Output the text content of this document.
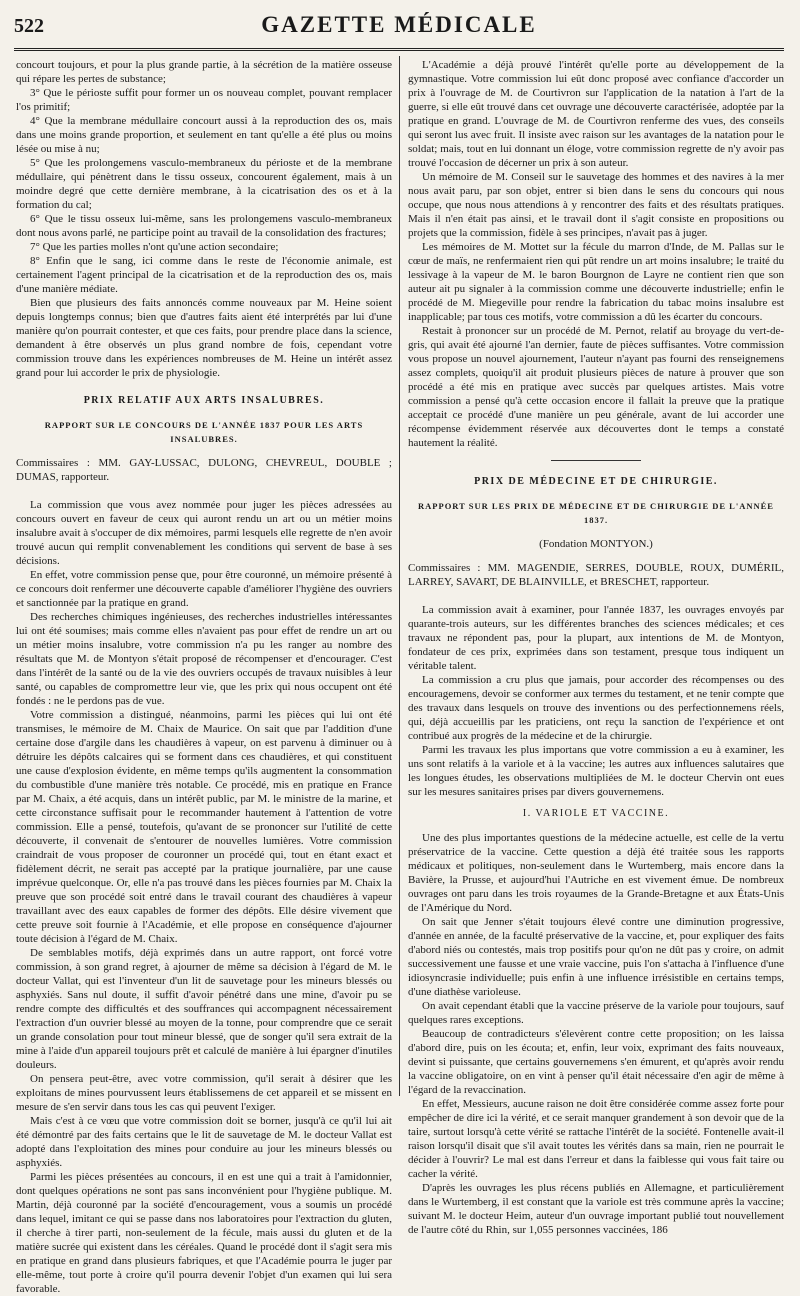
522	GAZETTE MÉDICALE

concourt toujours, et pour la plus grande partie, à la sécrétion de la matière osseuse qui répare les pertes de substance;

3° Que le périoste suffit pour former un os nouveau complet, pouvant remplacer l'os primitif;

4° Que la membrane médullaire concourt aussi à la reproduction des os, mais dans une moins grande proportion, et seulement en tant qu'elle a été plus ou moins lésée ou mise à nu;

5° Que les prolongemens vasculo-membraneux du périoste et de la membrane médullaire, qui pénètrent dans le tissu osseux, concourent également, mais à un moindre degré que cette dernière membrane, à la cicatrisation des os et à la formation du cal;

6° Que le tissu osseux lui-même, sans les prolongemens vasculo-membraneux dont nous avons parlé, ne participe point au travail de la consolidation des fractures;

7° Que les parties molles n'ont qu'une action secondaire;

8° Enfin que le sang, ici comme dans le reste de l'économie animale, est certainement l'agent principal de la cicatrisation et de la reproduction des os, mais d'une manière médiate.

Bien que plusieurs des faits annoncés comme nouveaux par M. Heine soient depuis longtemps connus; bien que d'autres faits aient été interprétés par lui d'une manière qu'on pourrait contester, et que ces faits, pour prendre place dans la science, demandent à être observés un plus grand nombre de fois, cependant votre commission trouve dans les expériences nombreuses de M. Heine un intérêt assez grand pour lui accorder le prix de physiologie.

PRIX RELATIF AUX ARTS INSALUBRES.
RAPPORT SUR LE CONCOURS DE L'ANNÉE 1837 POUR LES ARTS INSALUBRES.

Commissaires : MM. GAY-LUSSAC, DULONG, CHEVREUL, DOUBLE ; DUMAS, rapporteur.

La commission que vous avez nommée pour juger les pièces adressées au concours ouvert en faveur de ceux qui auront rendu un art ou un métier moins insalubre avait à s'occuper de dix mémoires, parmi lesquels elle regrette de n'en avoir trouvé aucun qui remplit convenablement les conditions qui servent de base à ses décisions.

En effet, votre commission pense que, pour être couronné, un mémoire présenté à ce concours doit renfermer une découverte capable d'améliorer l'hygiène des ouvriers et sanctionnée par la pratique en grand.

Des recherches chimiques ingénieuses, des recherches industrielles intéressantes lui ont été soumises; mais comme elles n'avaient pas pour effet de rendre un art ou un métier moins insalubre, votre commission n'a pu les ranger au nombre des résultats que M. de Montyon s'était proposé de récompenser et d'encourager. C'est dans l'intérêt de la santé ou de la vie des ouvriers occupés de travaux nuisibles à leur santé, ou capables de compromettre leur vie, que les prix qui nous occupent ont été fondés : ne le perdons pas de vue.

Votre commission a distingué, néanmoins, parmi les pièces qui lui ont été transmises, le mémoire de M. Chaix de Maurice. On sait que par l'addition d'une certaine dose d'argile dans les chaudières à vapeur, on est parvenu à diminuer ou à détruire les dépôts calcaires qui se forment dans ces chaudières, et qui constituent une cause d'explosion évidente, en même temps qu'ils augmentent la consommation du combustible d'une manière très notable. Ce procédé, mis en pratique en France par M. Chaix, a été acquis, dans un intérêt public, par M. le ministre de la marine, et cette circonstance suffisait pour le recommander hautement à l'attention de votre commission. Elle a pensé, toutefois, qu'avant de se prononcer sur l'utilité de cette découverte, il convenait de s'entourer de nouvelles lumières. Votre commission craindrait de vous proposer de couronner un procédé qui, tout en étant exact et fidèlement décrit, ne serait pas accepté par la pratique journalière, par une cause imprévue quelconque. Or, elle n'a pas trouvé dans les pièces fournies par M. Chaix la preuve que son procédé soit entré dans le travail courant des chaudières à vapeur travaillant avec des eaux capables de former des dépôts. Elle désire vivement que cette preuve soit fournie à l'Académie, et elle propose en conséquence d'ajourner toute décision à l'égard de M. Chaix.

De semblables motifs, déjà exprimés dans un autre rapport, ont forcé votre commission, à son grand regret, à ajourner de même sa décision à l'égard de M. le docteur Vallat, qui est l'inventeur d'un lit de sauvetage pour les mineurs blessés ou asphyxiés. Sans nul doute, il suffit d'avoir pénétré dans une mine, d'avoir pu se rendre compte des difficultés et des souffrances qui accompagnent nécessairement l'extraction d'un ouvrier blessé au moyen de la tonne, pour comprendre que ce serait un grande consolation pour tout mineur blessé, que de songer qu'il sera extrait de la mine à l'aide d'un appareil toujours prêt et calculé de manière à lui épargner d'inutiles douleurs.

On pensera peut-être, avec votre commission, qu'il serait à désirer que les exploitans de mines pourvussent leurs établissemens de cet appareil et se missent en mesure de s'en servir dans tous les cas qui peuvent l'exiger.

Mais c'est à ce vœu que votre commission doit se borner, jusqu'à ce qu'il lui ait été démontré par des faits certains que le lit de sauvetage de M. le docteur Vallat est adopté dans l'exploitation des mines pour conduire au jour les mineurs blessés ou asphyxiés.

Parmi les pièces présentées au concours, il en est une qui a trait à l'amidonnier, dont quelques opérations ne sont pas sans inconvénient pour l'hygiène publique. M. Martin, déjà couronné par la société d'encouragement, vous a soumis un procédé dans lequel, imitant ce qui se passe dans nos laboratoires pour l'extraction du gluten, il cherche à tirer parti, non-seulement de la fécule, mais aussi du gluten et de la matière sucrée qui existent dans les céréales. Quand le procédé dont il s'agit sera mis en pratique en grand dans plusieurs fabriques, et que l'Académie pourra le juger par elle-même, tout porte à croire qu'il pourra devenir l'objet d'un examen qui lui sera favorable.

L'Académie a déjà prouvé l'intérêt qu'elle porte au développement de la gymnastique. Votre commission lui eût donc proposé avec confiance d'accorder un prix à l'ouvrage de M. de Courtivron sur l'application de la natation à l'art de la guerre, si elle eût trouvé dans cet ouvrage une découverte caractérisée, adoptée par la pratique en grand. L'ouvrage de M. de Courtivron renferme des vues, des conseils qui seront lus avec fruit. Il insiste avec raison sur les avantages de la natation pour le soldat; mais, tout en lui donnant un éloge, votre commission regrette de n'y avoir pas trouvé l'occasion de décerner un prix à son auteur.

Un mémoire de M. Conseil sur le sauvetage des hommes et des navires à la mer nous avait paru, par son objet, entrer si bien dans le sens du concours qui nous occupe, que nous nous attendions à y rencontrer des faits et des résultats pratiques. Mais il n'en était pas ainsi, et le travail dont il s'agit consiste en propositions ou projets que la commission, fidèle à ses principes, n'avait pas à juger.

Les mémoires de M. Mottet sur la fécule du marron d'Inde, de M. Pallas sur le cœur de maïs, ne renfermaient rien qui pût rendre un art moins insalubre; le traité du lessivage à la vapeur de M. le baron Bourgnon de Layre ne contient rien que son auteur ait pu signaler à la commission comme une découverte industrielle; enfin le procédé de M. Miegeville pour rendre la fabrication du tabac moins insalubre est inapplicable; par tous ces motifs, votre commission a dû les écarter du concours.

Restait à prononcer sur un procédé de M. Pernot, relatif au broyage du vert-de-gris, qui avait été ajourné l'an dernier, faute de pièces suffisantes. Votre commission vous propose un nouvel ajournement, l'auteur n'ayant pas fourni des renseignemens assez complets, quoiqu'il ait produit plusieurs pièces de nature à prouver que son procédé a été mis en pratique avec succès par quelques artistes. Mais votre commission a pensé qu'à cette occasion encore il fallait la preuve que la pratique acceptait ce procédé d'une manière un peu générale, avant de lui accorder une récompense évidemment réservée aux découvertes dont le temps a constaté hautement la réalité.

PRIX DE MÉDECINE ET DE CHIRURGIE.
RAPPORT SUR LES PRIX DE MÉDECINE ET DE CHIRURGIE DE L'ANNÉE 1837.
(Fondation MONTYON.)

Commissaires : MM. MAGENDIE, SERRES, DOUBLE, ROUX, DUMÉRIL, LARREY, SAVART, DE BLAINVILLE, et BRESCHET, rapporteur.

La commission avait à examiner, pour l'année 1837, les ouvrages envoyés par quarante-trois auteurs, sur les différentes branches des sciences médicales; et ces travaux ne répondent pas, pour la plupart, aux intentions de M. de Montyon, fondateur de ces prix, exprimées dans son testament, presque tous indiquent un véritable talent.

La commission a cru plus que jamais, pour accorder des récompenses ou des encouragemens, devoir se conformer aux termes du testament, et ne tenir compte que des travaux dans lesquels on trouve des inventions ou des perfectionnemens réels, qui, déjà accueillis par les praticiens, ont reçu la sanction de l'expérience et ont contribué aux progrès de la médecine et de la chirurgie.

Parmi les travaux les plus importans que votre commission a eu à examiner, les uns sont relatifs à la variole et à la vaccine; les autres aux influences salutaires que les longues études, les observations multipliées de M. le docteur Chervin ont eues sur les mesures sanitaires prises par divers gouvernemens.

I. VARIOLE ET VACCINE.

Une des plus importantes questions de la médecine actuelle, est celle de la vertu préservatrice de la vaccine. Cette question a déjà été traitée sous les rapports médicaux et politiques, non-seulement dans le Wurtemberg, mais encore dans la Bavière, la Prusse, et aujourd'hui l'Autriche en est vivement émue. De nombreux ouvrages ont paru dans les trois royaumes de la Grande-Bretagne et aux États-Unis de l'Amérique du Nord.

On sait que Jenner s'était toujours élevé contre une diminution progressive, d'année en année, de la faculté préservative de la vaccine, et, pour expliquer des faits d'abord niés ou contestés, mais trop positifs pour qu'on ne dût pas y croire, on admit successivement une fausse et une vraie vaccine, puis l'on s'attacha à l'influence d'une idiosyncrasie individuelle; puis enfin à une influence irrésistible en certains temps, d'une diathèse varioleuse.

On avait cependant établi que la vaccine préserve de la variole pour toujours, sauf quelques rares exceptions.

Beaucoup de contradicteurs s'élevèrent contre cette proposition; on les laissa d'abord dire, puis on les écouta; et, enfin, leur voix, exprimant des faits nouveaux, devint si puissante, que certains gouvernemens s'en émurent, et qu'après avoir rendu la vaccine obligatoire, on en vint à penser qu'il était nécessaire d'en agir de même à l'égard de la revaccination.

En effet, Messieurs, aucune raison ne doit être considérée comme assez forte pour empêcher de dire ici la vérité, et ce serait manquer grandement à son devoir que de la taire, surtout lorsqu'à cette vérité se rattache l'intérêt de la société. Fontenelle avait-il raison lorsqu'il disait que s'il avait toutes les vérités dans sa main, rien ne pourrait le décider à l'ouvrir? Le mal est dans l'erreur et dans la faiblesse qui vous fait taire ou cacher la vérité.

D'après les ouvrages les plus récens publiés en Allemagne, et particulièrement dans le Wurtemberg, il est constant que la variole est très commune après la vaccine; suivant M. le docteur Heim, auteur d'un ouvrage important publié tout nouvellement de l'autre côté du Rhin, sur 1,055 personnes vaccinées, 186
